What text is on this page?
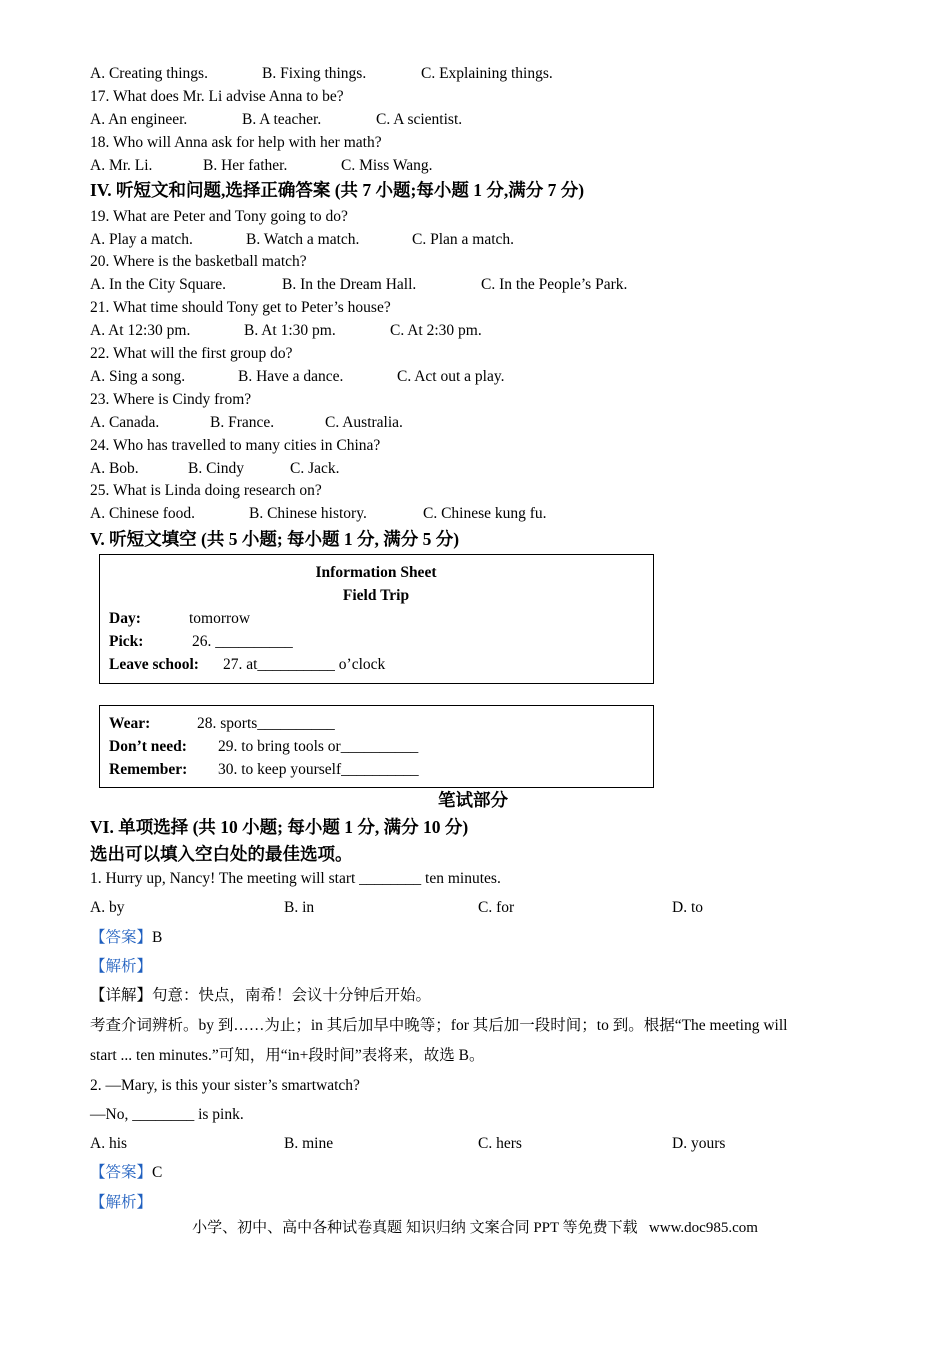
A. Creating things.	B. Fixing things.	C. Explaining things.
17. What does Mr. Li advise Anna to be?
A. An engineer.	B. A teacher.	C. A scientist.
18. Who will Anna ask for help with her math?
A. Mr. Li.	B. Her father.	C. Miss Wang.
IV. 听短文和问题,选择正确答案 (共 7 小题;每小题 1 分,满分 7 分)
19. What are Peter and Tony going to do?
A. Play a match.	B. Watch a match.	C. Plan a match.
20. Where is the basketball match?
A. In the City Square.	B. In the Dream Hall.	C. In the People’s Park.
21. What time should Tony get to Peter’s house?
A. At 12:30 pm.	B. At 1:30 pm.	C. At 2:30 pm.
22. What will the first group do?
A. Sing a song.	B. Have a dance.	C. Act out a play.
23. Where is Cindy from?
A. Canada.	B. France.	C. Australia.
24. Who has travelled to many cities in China?
A. Bob.	B. Cindy	C. Jack.
25. What is Linda doing research on?
A. Chinese food.	B. Chinese history.	C. Chinese kung fu.
V. 听短文填空 (共 5 小题; 每小题 1 分, 满分 5 分)
Information Sheet
Field Trip
Day:	tomorrow
Pick:	26. __________
Leave school: 27. at__________ o’clock
Wear:	28. sports__________
Don’t need: 29. to bring tools or__________
Remember: 30. to keep yourself__________
笔试部分
VI. 单项选择 (共 10 小题; 每小题 1 分, 满分 10 分)
选出可以填入空白处的最佳选项。
1. Hurry up, Nancy! The meeting will start ________ ten minutes.
A. by	B. in	C. for	D. to
【答案】B
【解析】
【详解】句意：快点，南希！会议十分钟后开始。
考查介词辨析。by 到……为止；in 其后加早中晚等；for 其后加一段时间；to 到。根据“The meeting will
start ... ten minutes.”可知，用“in+段时间”表将来，故选 B。
2. —Mary, is this your sister’s smartwatch?
—No, ________ is pink.
A. his	B. mine	C. hers	D. yours
【答案】C
【解析】
小学、初中、高中各种试卷真题 知识归纳 文案合同 PPT 等免费下载   www.doc985.com
